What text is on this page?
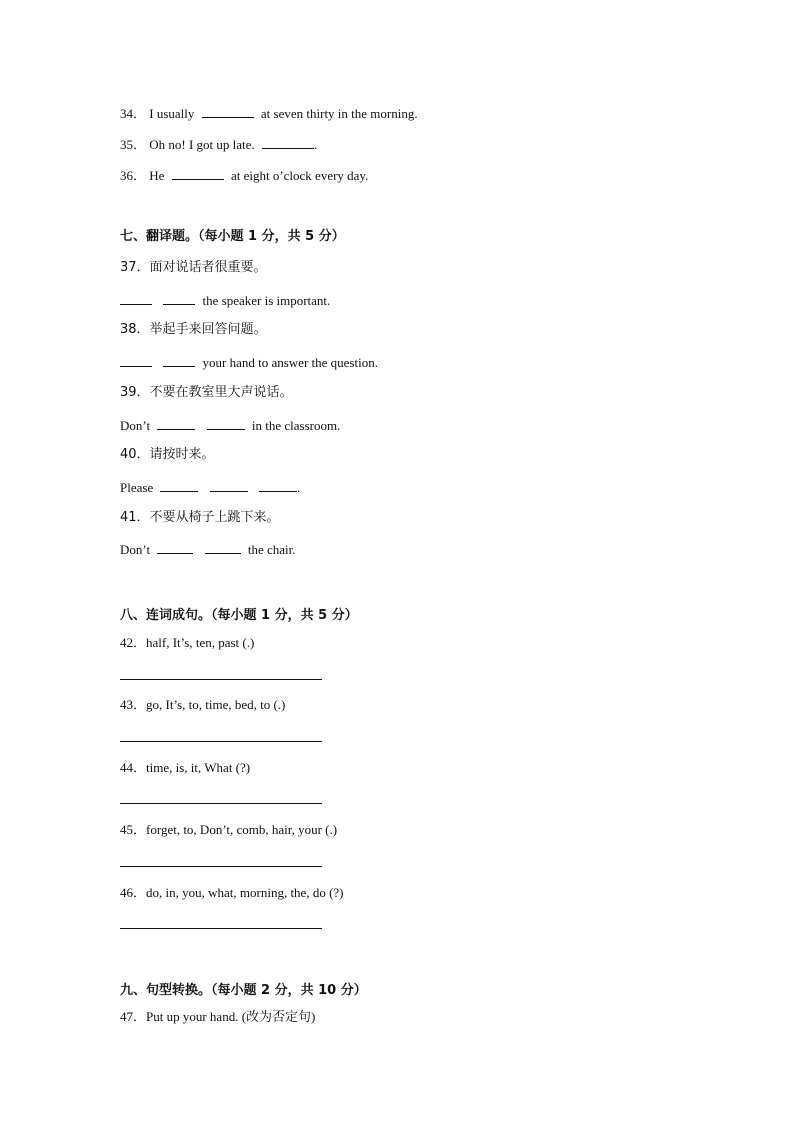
34． I usually	at seven thirty in the morning.
35． Oh no! I got up late.	.
36． He	at eight o’clock every day.
七、翻译题。（每小题 1 分，共 5 分）
37．面对说话者很重要。
the speaker is important.
38．举起手来回答问题。
your hand to answer the question.
39．不要在教室里大声说话。
Don’t	in the classroom.
40．请按时来。
Please	.
41．不要从椅子上跳下来。
Don’t	the chair.
八、连词成句。（每小题 1 分，共 5 分）
42．half, It’s, ten, past (.)
43．go, It’s, to, time, bed, to (.)
44．time, is, it, What (?)
45．forget, to, Don’t, comb, hair, your (.)
46．do, in, you, what, morning, the, do (?)
九、句型转换。（每小题 2 分，共 10 分）
47．Put up your hand. (改为否定句)
